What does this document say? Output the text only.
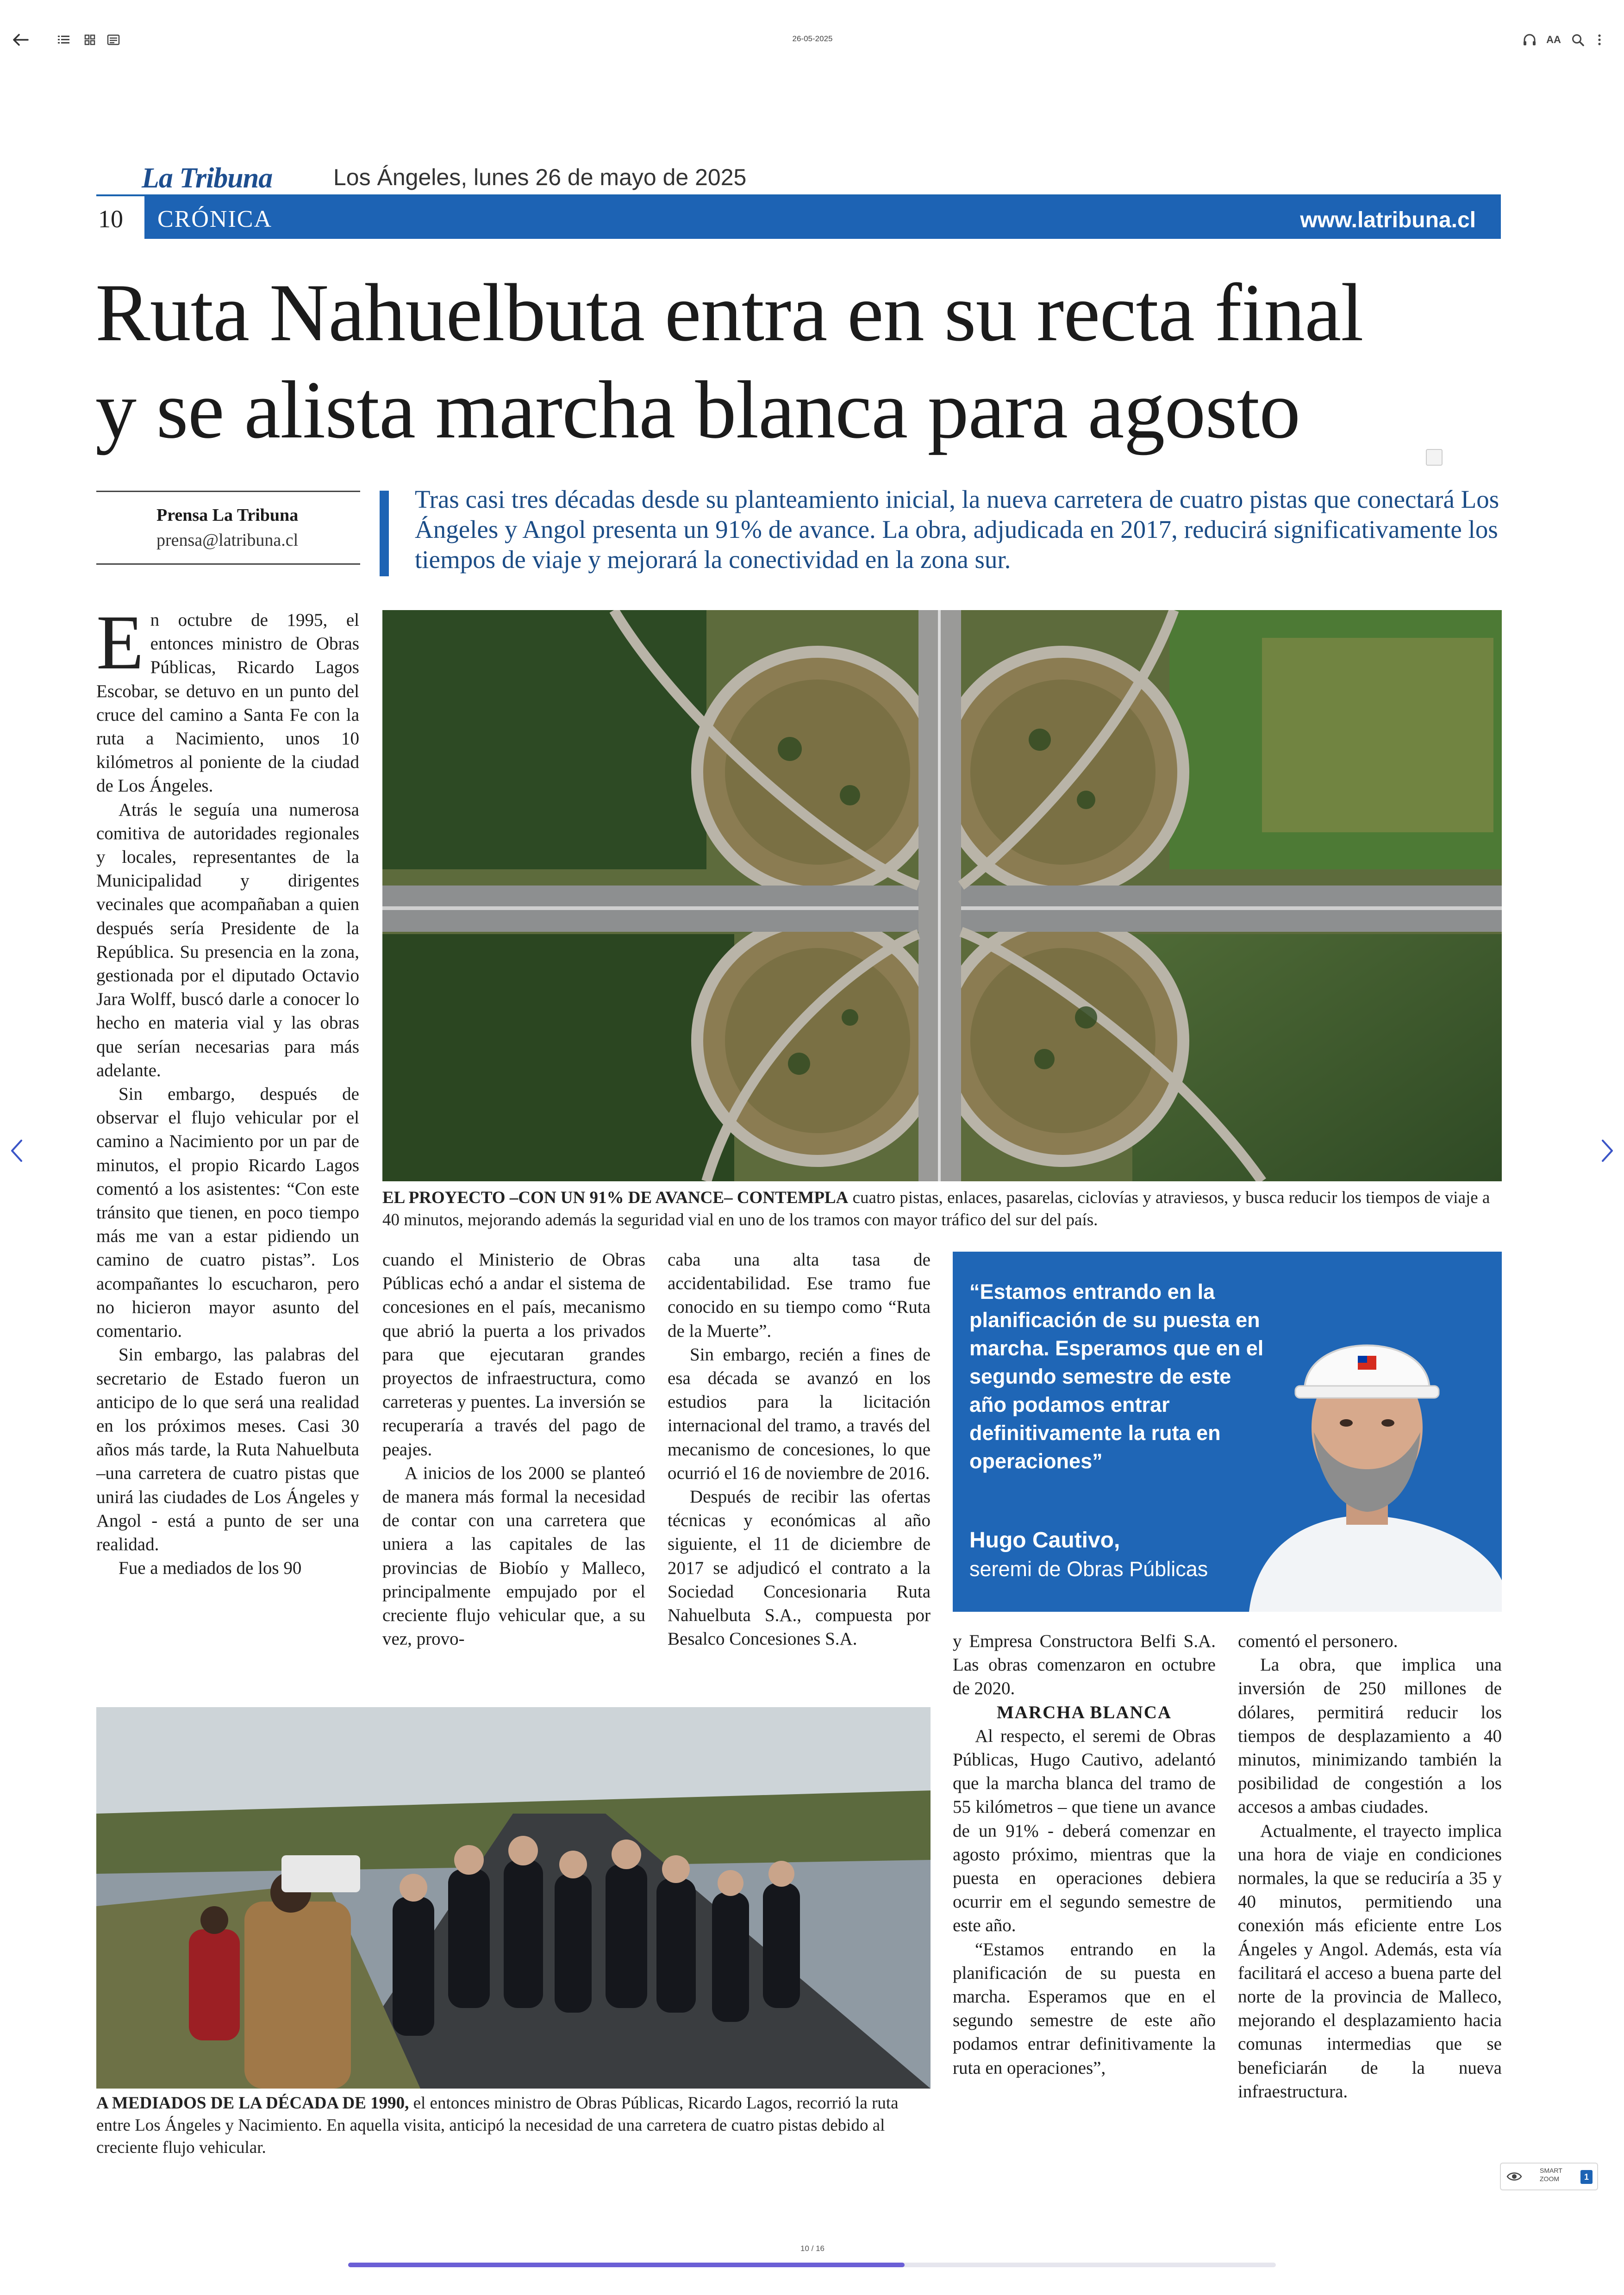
26-05-2025	AA
La Tribuna	Los Ángeles, lunes 26 de mayo de 2025
10 CRÓNICA	www.latribuna.cl
Ruta Nahuelbuta entra en su recta final
y se alista marcha blanca para agosto
Prensa La Tribuna
prensa@latribuna.cl
Tras casi tres décadas desde su planteamiento inicial, la nueva carretera de cuatro pistas que conectará Los Ángeles y Angol presenta un 91% de avance. La obra, adjudicada en 2017, reducirá significativamente los tiempos de viaje y mejorará la conectividad en la zona sur.

En octubre de 1995, el entonces ministro de Obras Públicas, Ricardo Lagos Escobar, se detuvo en un punto del cruce del camino a Santa Fe con la ruta a Nacimiento, unos 10 kilómetros al poniente de la ciudad de Los Ángeles.

Atrás le seguía una numerosa comitiva de autoridades regionales y locales, representantes de la Municipalidad y dirigentes vecinales que acompañaban a quien después sería Presidente de la República. Su presencia en la zona, gestionada por el diputado Octavio Jara Wolff, buscó darle a conocer lo hecho en materia vial y las obras que serían necesarias para más adelante.

Sin embargo, después de observar el flujo vehicular por el camino a Nacimiento por un par de minutos, el propio Ricardo Lagos comentó a los asistentes: “Con este tránsito que tienen, en poco tiempo más me van a estar pidiendo un camino de cuatro pistas”. Los acompañantes lo escucharon, pero no hicieron mayor asunto del comentario.

Sin embargo, las palabras del secretario de Estado fueron un anticipo de lo que será una realidad en los próximos meses. Casi 30 años más tarde, la Ruta Nahuelbuta –una carretera de cuatro pistas que unirá las ciudades de Los Ángeles y Angol - está a punto de ser una realidad.

Fue a mediados de los 90

EL PROYECTO –CON UN 91% DE AVANCE– CONTEMPLA cuatro pistas, enlaces, pasarelas, ciclovías y atraviesos, y busca reducir los tiempos de viaje a 40 minutos, mejorando además la seguridad vial en uno de los tramos con mayor tráfico del sur del país.

cuando el Ministerio de Obras Públicas echó a andar el sistema de concesiones en el país, mecanismo que abrió la puerta a los privados para que ejecutaran grandes proyectos de infraestructura, como carreteras y puentes. La inversión se recuperaría a través del pago de peajes.

A inicios de los 2000 se planteó de manera más formal la necesidad de contar con una carretera que uniera a las capitales de las provincias de Biobío y Malleco, principalmente empujado por el creciente flujo vehicular que, a su vez, provo-

caba una alta tasa de accidentabilidad. Ese tramo fue conocido en su tiempo como “Ruta de la Muerte”.

Sin embargo, recién a fines de esa década se avanzó en los estudios para la licitación internacional del tramo, a través del mecanismo de concesiones, lo que ocurrió el 16 de noviembre de 2016.

Después de recibir las ofertas técnicas y económicas al año siguiente, el 11 de diciembre de 2017 se adjudicó el contrato a la Sociedad Concesionaria Ruta Nahuelbuta S.A., compuesta por Besalco Concesiones S.A.

“Estamos entrando en la planificación de su puesta en marcha. Esperamos que en el segundo semestre de este año podamos entrar definitivamente la ruta en operaciones”
Hugo Cautivo,
seremi de Obras Públicas
A MEDIADOS DE LA DÉCADA DE 1990, el entonces ministro de Obras Públicas, Ricardo Lagos, recorrió la ruta entre Los Ángeles y Nacimiento. En aquella visita, anticipó la necesidad de una carretera de cuatro pistas debido al creciente flujo vehicular.

y Empresa Constructora Belfi S.A. Las obras comenzaron en octubre de 2020.

MARCHA BLANCA

Al respecto, el seremi de Obras Públicas, Hugo Cautivo, adelantó que la marcha blanca del tramo de 55 kilómetros – que tiene un avance de un 91% - deberá comenzar en agosto próximo, mientras que la puesta en operaciones debiera ocurrir em el segundo semestre de este año.

“Estamos entrando en la planificación de su puesta en marcha. Esperamos que en el segundo semestre de este año podamos entrar definitivamente la ruta en operaciones”,

comentó el personero.

La obra, que implica una inversión de 250 millones de dólares, permitirá reducir los tiempos de desplazamiento a 40 minutos, minimizando también la posibilidad de congestión a los accesos a ambas ciudades.

Actualmente, el trayecto implica una hora de viaje en condiciones normales, la que se reduciría a 35 y 40 minutos, permitiendo una conexión más eficiente entre Los Ángeles y Angol. Además, esta vía facilitará el acceso a buena parte del norte de la provincia de Malleco, mejorando el desplazamiento hacia comunas intermedias que se beneficiarán de la nueva infraestructura.

SMART ZOOM	1
10 / 16
